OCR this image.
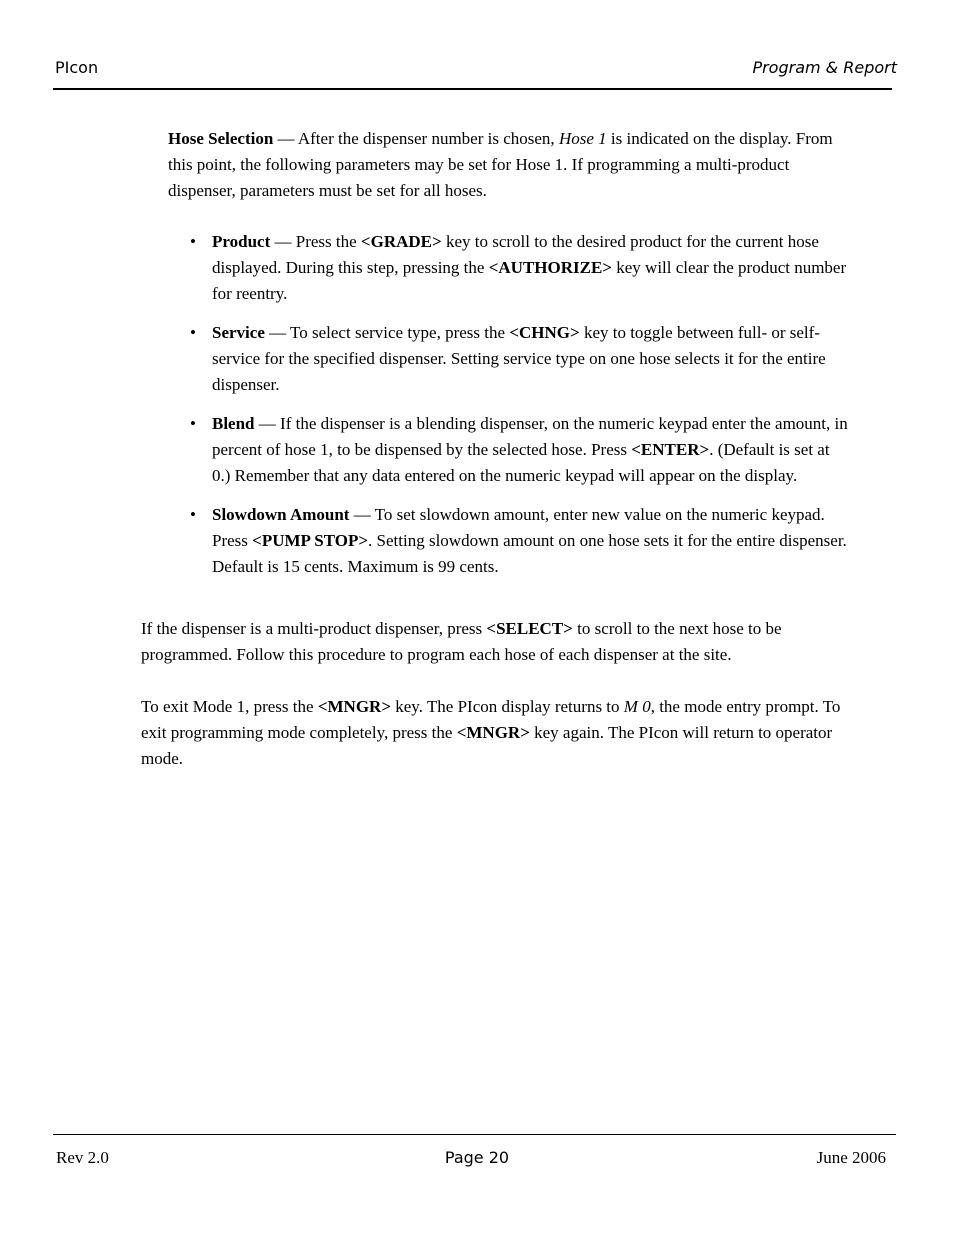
PIcon	Program & Report

Hose Selection — After the dispenser number is chosen, Hose 1 is indicated on the display. From this point, the following parameters may be set for Hose 1. If programming a multi-product dispenser, parameters must be set for all hoses.

• Product — Press the <GRADE> key to scroll to the desired product for the current hose displayed. During this step, pressing the <AUTHORIZE> key will clear the product number for reentry.
• Service — To select service type, press the <CHNG> key to toggle between full- or self-service for the specified dispenser. Setting service type on one hose selects it for the entire dispenser.
• Blend — If the dispenser is a blending dispenser, on the numeric keypad enter the amount, in percent of hose 1, to be dispensed by the selected hose. Press <ENTER>. (Default is set at 0.) Remember that any data entered on the numeric keypad will appear on the display.
• Slowdown Amount — To set slowdown amount, enter new value on the numeric keypad. Press <PUMP STOP>. Setting slowdown amount on one hose sets it for the entire dispenser. Default is 15 cents. Maximum is 99 cents.

If the dispenser is a multi-product dispenser, press <SELECT> to scroll to the next hose to be programmed. Follow this procedure to program each hose of each dispenser at the site.

To exit Mode 1, press the <MNGR> key. The PIcon display returns to M 0, the mode entry prompt. To exit programming mode completely, press the <MNGR> key again. The PIcon will return to operator mode.

Rev 2.0	Page 20	June 2006
